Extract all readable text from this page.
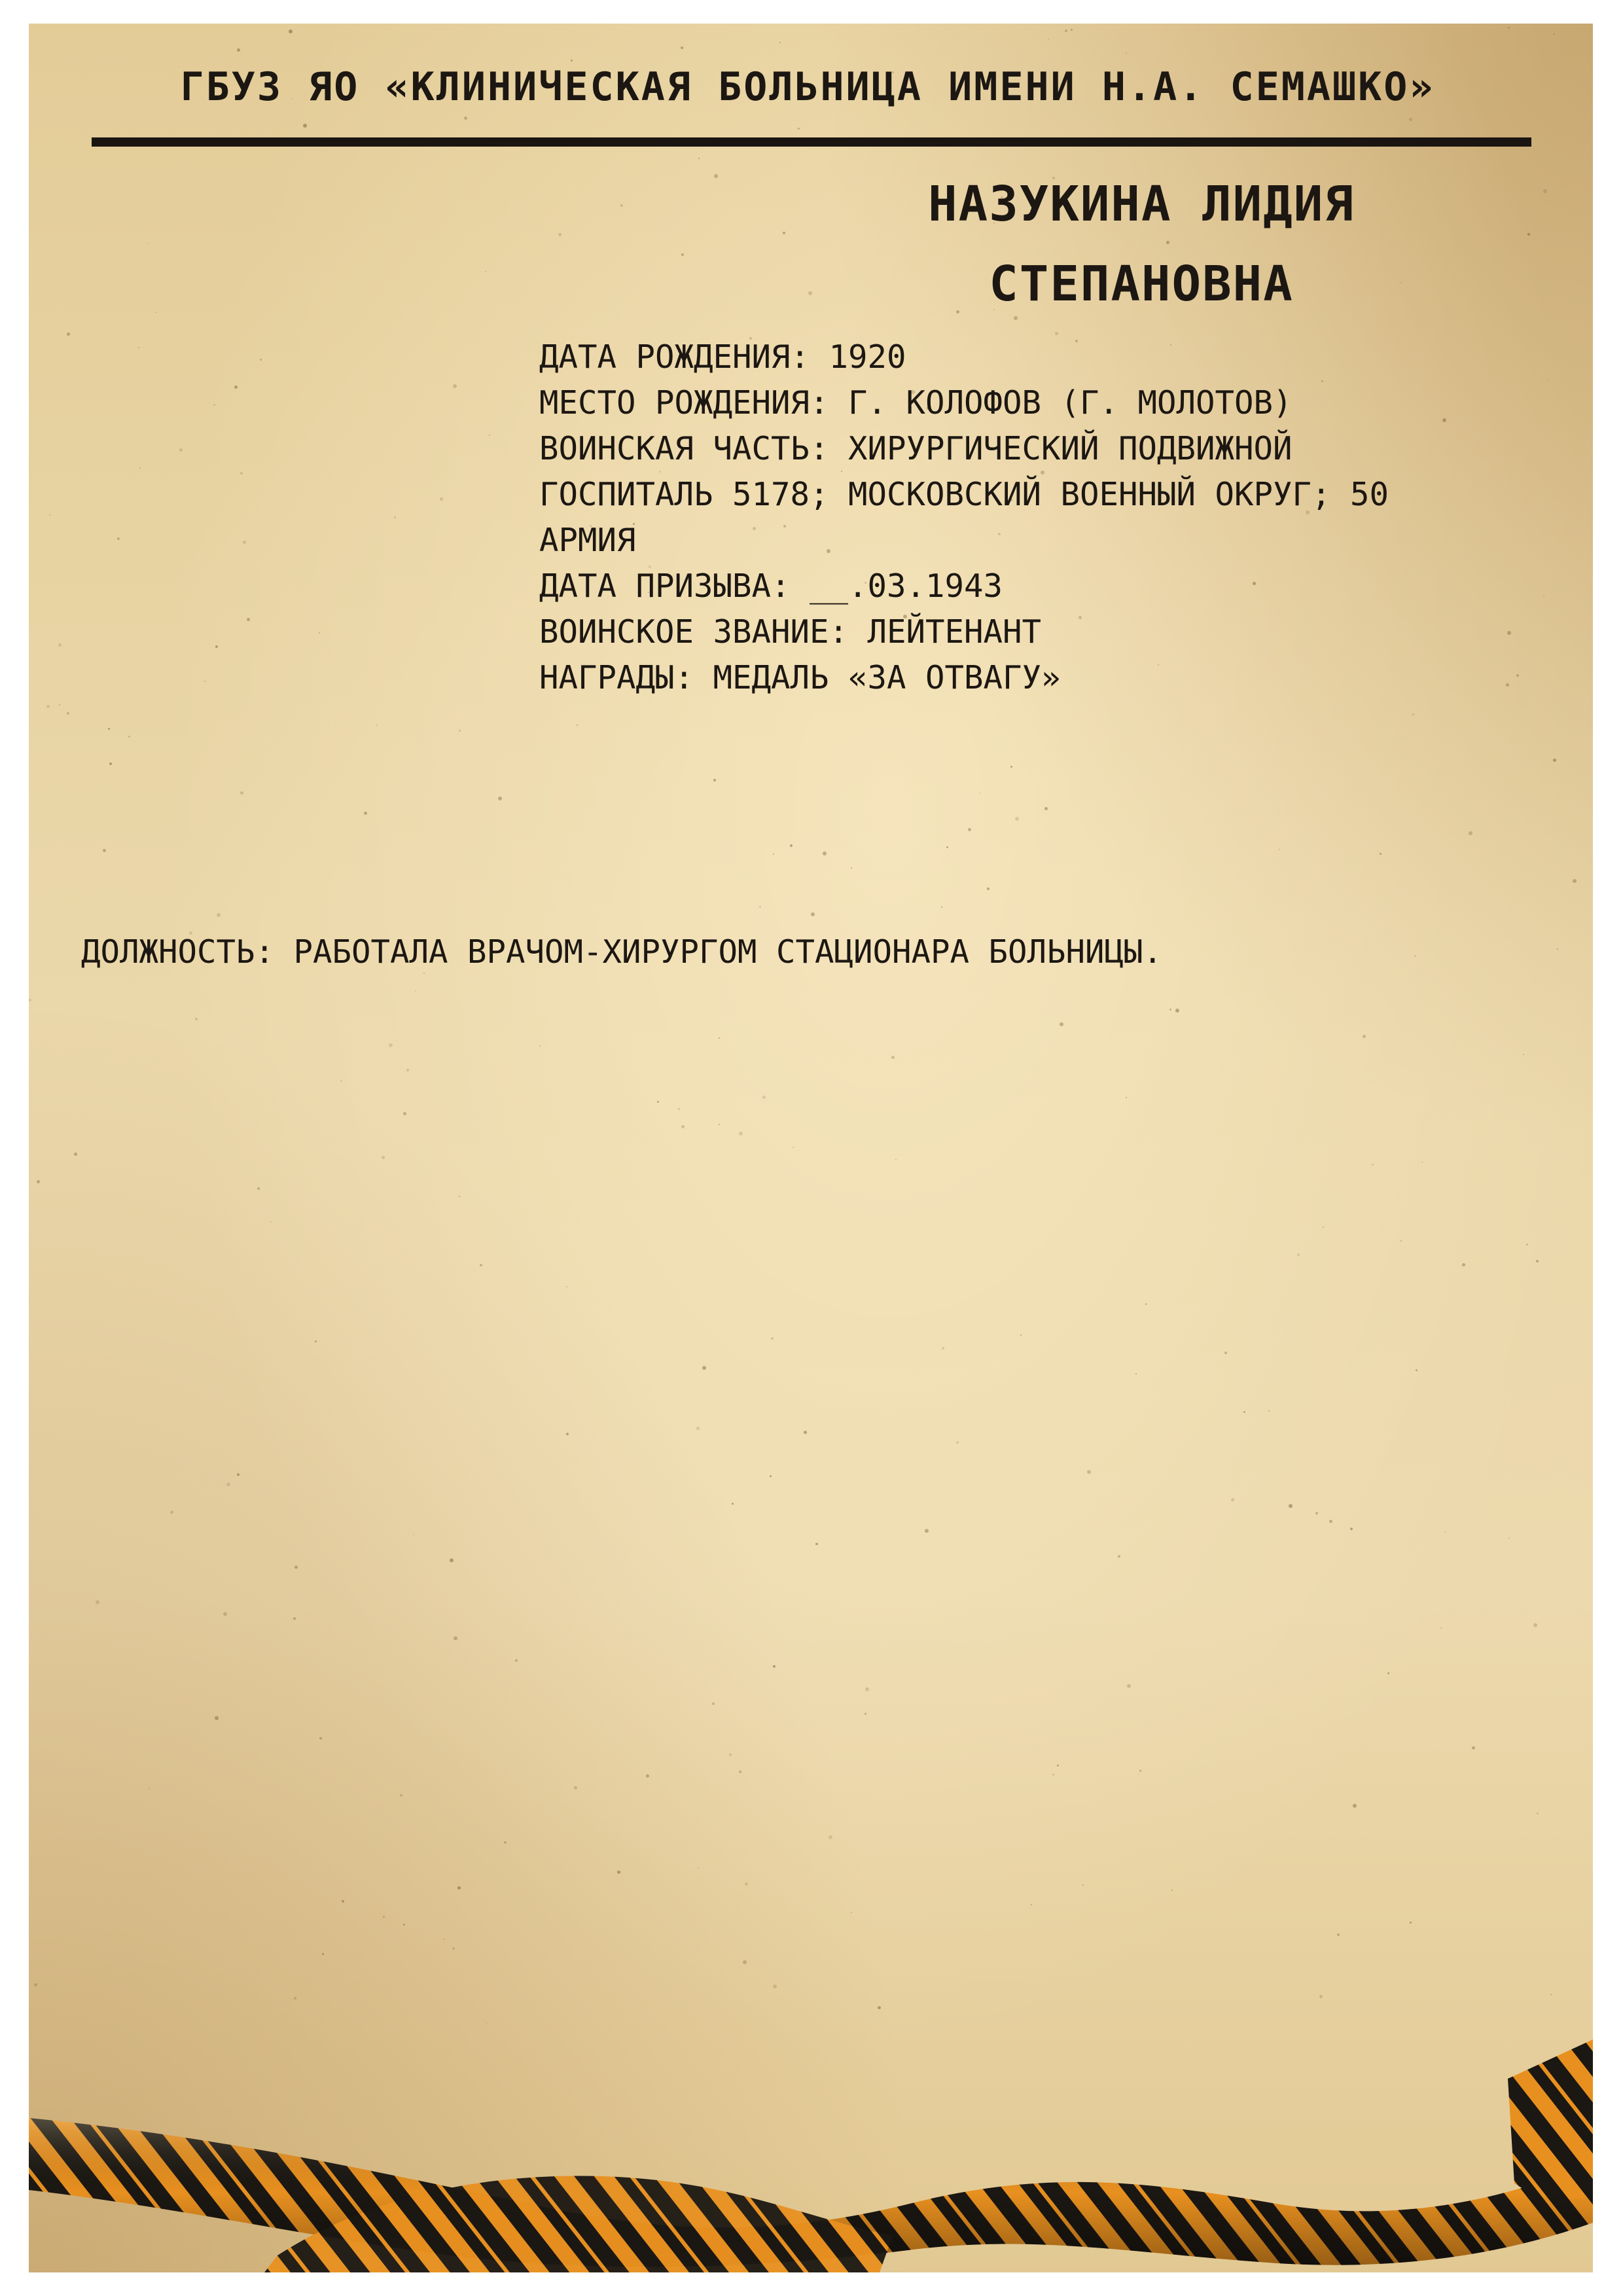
ГБУЗ ЯО «КЛИНИЧЕСКАЯ БОЛЬНИЦА ИМЕНИ Н.А. СЕМАШКО»
НАЗУКИНА ЛИДИЯ
СТЕПАНОВНА
ДАТА РОЖДЕНИЯ: 1920
МЕСТО РОЖДЕНИЯ: Г. КОЛОФОВ (Г. МОЛОТОВ)
ВОИНСКАЯ ЧАСТЬ: ХИРУРГИЧЕСКИЙ ПОДВИЖНОЙ
ГОСПИТАЛЬ 5178; МОСКОВСКИЙ ВОЕННЫЙ ОКРУГ; 50
АРМИЯ
ДАТА ПРИЗЫВА: __.03.1943
ВОИНСКОЕ ЗВАНИЕ: ЛЕЙТЕНАНТ
НАГРАДЫ: МЕДАЛЬ «ЗА ОТВАГУ»
ДОЛЖНОСТЬ: РАБОТАЛА ВРАЧОМ-ХИРУРГОМ СТАЦИОНАРА БОЛЬНИЦЫ.
